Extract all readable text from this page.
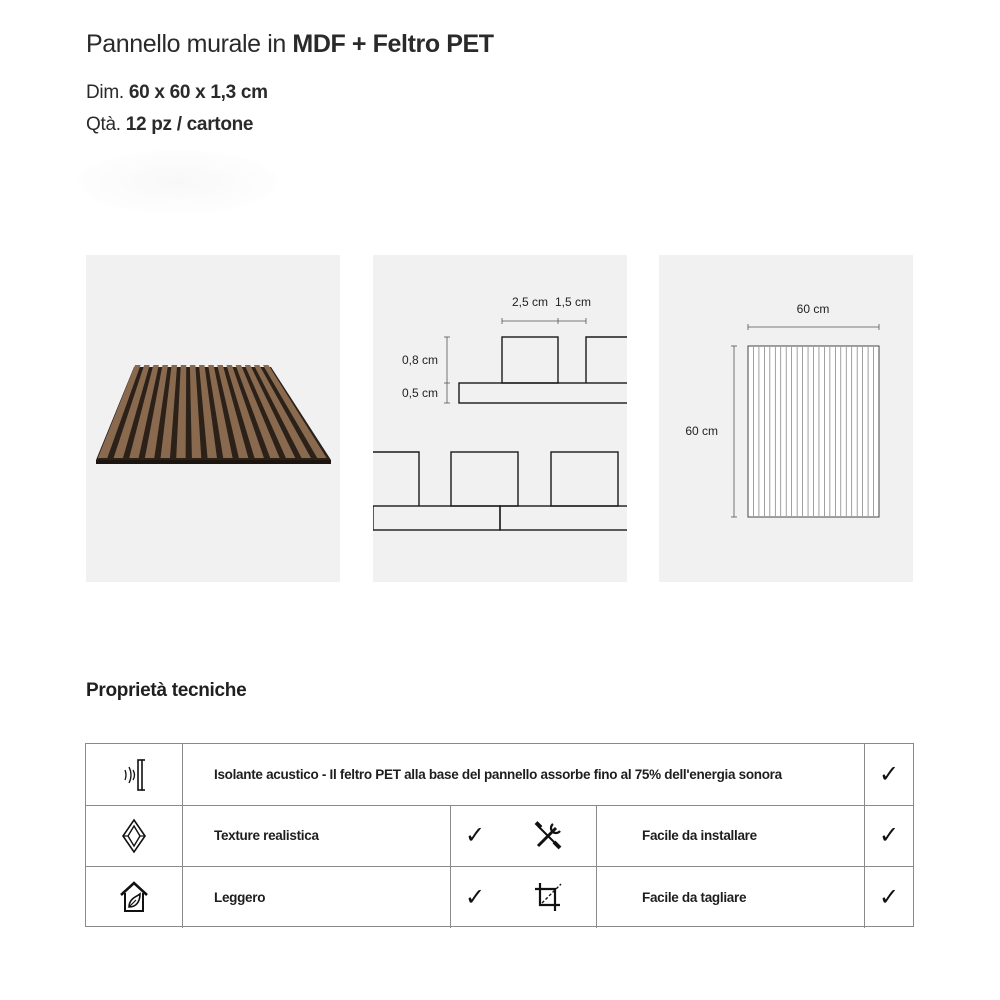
Pannello murale in MDF + Feltro PET
Dim. 60 x 60 x 1,3 cm
Qtà. 12 pz / cartone
2,5 cm 1,5 cm
0,8 cm
0,5 cm
60 cm
60 cm
Proprietà tecniche
Isolante acustico - Il feltro PET alla base del pannello assorbe fino al 75% dell'energia sonora	✓
Texture realistica	✓	Facile da installare	✓
Leggero	✓	Facile da tagliare	✓
